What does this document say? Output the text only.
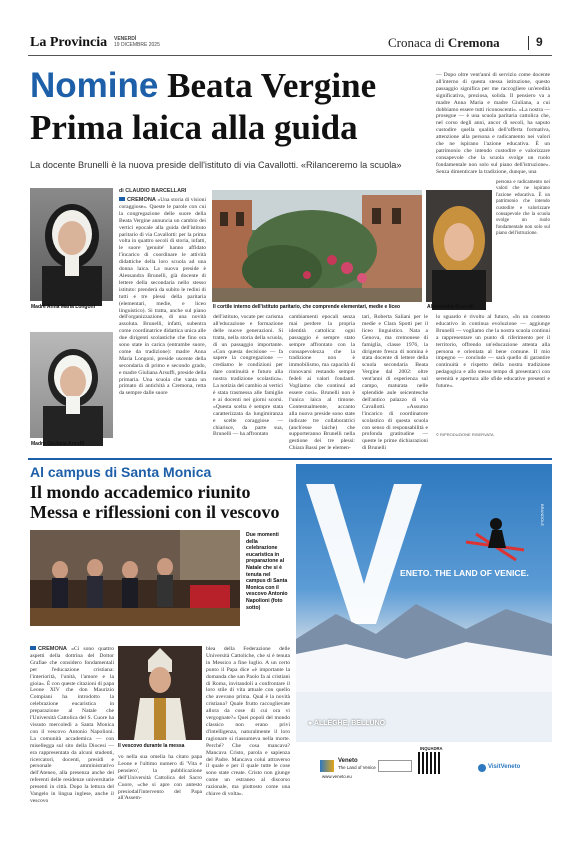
La Provincia VENERDÌ
19 DICEMBRE 2025	Cronaca di Cremona	9
Nomine Beata Vergine
Prima laica alla guida
La docente Brunelli è la nuova preside dell'istituto di via Cavallotti. «Rilanceremo la scuola»
Madre Anna Maria Longoni
Madre Giuliana Arsuffi
di CLAUDIO BARCELLARI
CREMONA «Una storia di visioni coraggiose». Queste le parole con cui la congregazione delle suore della Beata Vergine annuncia un cambio dei vertici epocale alla guida dell'istituto paritario di via Cavallotti: per la prima volta in quattro secoli di storia, infatti, le suore 'genuite' hanno affidato l'incarico di coordinare le attività didattiche della loro scuola ad una donna laica. La nuova preside è Alessandra Brunelli, già docente di lettere della secondaria nello stesso istituto: prenderà da subito le redini di tutti e tre plessi della paritaria (elementari, medie, e liceo linguistico). Si tratta, anche sul piano dell'organizzazione, di una novità assoluta. Brunelli, infatti, subentra come coordinatrice didattica unica alle due dirigenti scolastiche che fino ora sono state in carica (entrambe suore, come da tradizione): madre Anna Maria Longoni, preside uscente della secondaria di primo e secondo grado, e madre Giuliana Arsuffi, preside della primaria. Una scuola che vanta un primato di antichità a Cremona, retta da sempre dalle suore
Il cortile interno dell'istituto paritario, che comprende elementari, medie e liceo	Alessandra Brunelli
dell'istituto, vocate per carisma all'educazione e formazione delle nuove generazioni. Si tratta, nella storia della scuola, di un passaggio importante. «Con questa decisione — fa sapere la congregazione — crediamo le condizioni per dare continuità e futuro alla nostra tradizione scolastica». La notizia del cambio ai vertici è stata trasmessa alle famiglie e ai docenti nei giorni scorsi. «Questa scelta è sempre stata caratterizzata da lungimiranza e scelte coraggiose — chiarisce, da parte sua, Brunelli — ha affrontato
cambiamenti epocali senza mai perdere la propria identità cattolica: ogni passaggio è sempre stato sempre affrontato con la consapevolezza che la tradizione non è immobilismo, ma capacità di rinnovarsi restando sempre fedeli ai valori fondanti. Vogliamo che continui ad essere così». Brunelli non è l'unica laica al timone. Contestualmente, accanto alla nuova preside sono state indicate tre collaboratrici (anch'esse laiche) che supporteranno Brunelli nella gestione dei tre plessi: Chiara Bassi per le elemen-
tari, Roberta Saliani per le medie e Clara Spotti per il liceo linguistico. Nata a Genova, ma cremonese di famiglia, classe 1976, la dirigente fresca di nomina è stata docente di lettere della scuola secondaria Beata Vergine dal 2002: oltre vent'anni di esperienza sul campo, maturata nelle splendide aule seicentesche dell'antico palazzo di via Cavallotti. «Assumo l'incarico di coordinatore scolastico di questa scuola con senso di responsabilità e profonda gratitudine — queste le prime dichiarazioni di Brunelli
— Dopo oltre vent'anni di servizio come docente all'interno di questa stessa istituzione, questo passaggio significa per me raccogliere un'eredità significativa, preziosa, solida. Il pensiero va a madre Anna Maria e madre Giuliana, a cui dobbiamo essere tutti riconoscenti». «La nostra — prosegue — è una scuola paritaria cattolica che, nel corso degli anni, ancor di secoli, ha saputo custodire quella qualità dell'offerta formativa, attenzione alla persona e radicamento nei valori che ne ispirano l'azione educativa. È un patrimonio che intendo custodire e valorizzare consapevole che la scuola svolge un ruolo fondamentale non solo sul piano dell'istruzione». Senza dimenticare la tradizione, dunque, una
persona e radicamento nei valori che ne ispirano l'azione educativa. È un patrimonio che intendo custodire e valorizzare consapevole che la scuola svolge un ruolo fondamentale non solo sul piano dell'istruzione.
lo sguardo è rivolto al futuro, «In un contesto educativo in continua evoluzione — aggiunge Brunelli — vogliamo che la nostra scuola continui a rappresentare un punto di riferimento per il territorio, offrendo un'educazione attenta alla persona e orientata al bene comune. Il mio impegno — conclude — sarà quello di garantire continuità e rispetto della nostra tradizione pedagogica e allo stesso tempo di presentarci con serenità e apertura alle sfide educative presenti e future».
© RIPRODUZIONE RISERVATA
Al campus di Santa Monica
Il mondo accademico riunito
Messa e riflessioni con il vescovo
Due momenti della celebrazione eucaristica in preparazione al Natale che si è tenuta nel campus di Santa Monica con il vescovo Antonio Napolioni (foto sotto)
CREMONA «Ci sono quattro aspetti della dottrina del Dottor Grafiae che considero fondamentali per l'educazione cristiana: l'interiorità, l'unità, l'amore e la gioia». È con queste citazioni di papa Leone XIV che don Maurizio Compiani ha introdotto la celebrazione eucaristica in preparazione al Natale che l'Università Cattolica del S. Cuore ha vissuto mercoledì a Santa Monica con il vescovo Antonio Napolioni. La comunità accademica — con misellegga sul sito della Diocesi — era rappresentata da alcuni studenti, ricercatori, docenti, presidi e personale amministrativo dell'Ateneo, alla presenza anche dei referenti delle residenze universitarie presenti in città. Dopo la lettura del Vangelo in lingua inglese, anche il vescovo
Il vescovo durante la messa
vo nella sua omelia ha citato papa Leone e l'ultimo numero di 'Vita e pensiero', la pubblicazione dell'Università Cattolica del Sacro Cuore, «che si apre con antesto presiodall'intervento del Papa all'Assem-
blea della Federazione delle Università Cattoliche, che si è tenuta in Messico a fine luglio. A un certo punto il Papa dice «è importante la domanda che san Paolo fa ai cristiani di Roma, invitandoli a confrontare il loro stile di vita attuale con quello che avevano prima. Qual è la novità cristiana? Quale frutto raccoglievate allora da cose di cui ora vi vergognate?» Quei popoli del mondo classico non erano privi d'intelligenza, naturalmente il loro ragionare si riassumeva nella morte. Perché? Che cosa mancava? Mancava Cristo, parola e sapienza del Padre. Mancava colui attraverso il quale e per il quale tutte le cose sono state create. Cristo non giunge come un estraneo al discorso razionale, ma piuttosto come una chiave di volta».
ENETO. THE LAND OF VENICE.
● ALLEGHE, BELLUNO
BRANDOLE
Veneto
The Land of Venice
www.veneto.eu
INQUADRA
VisitVeneto
